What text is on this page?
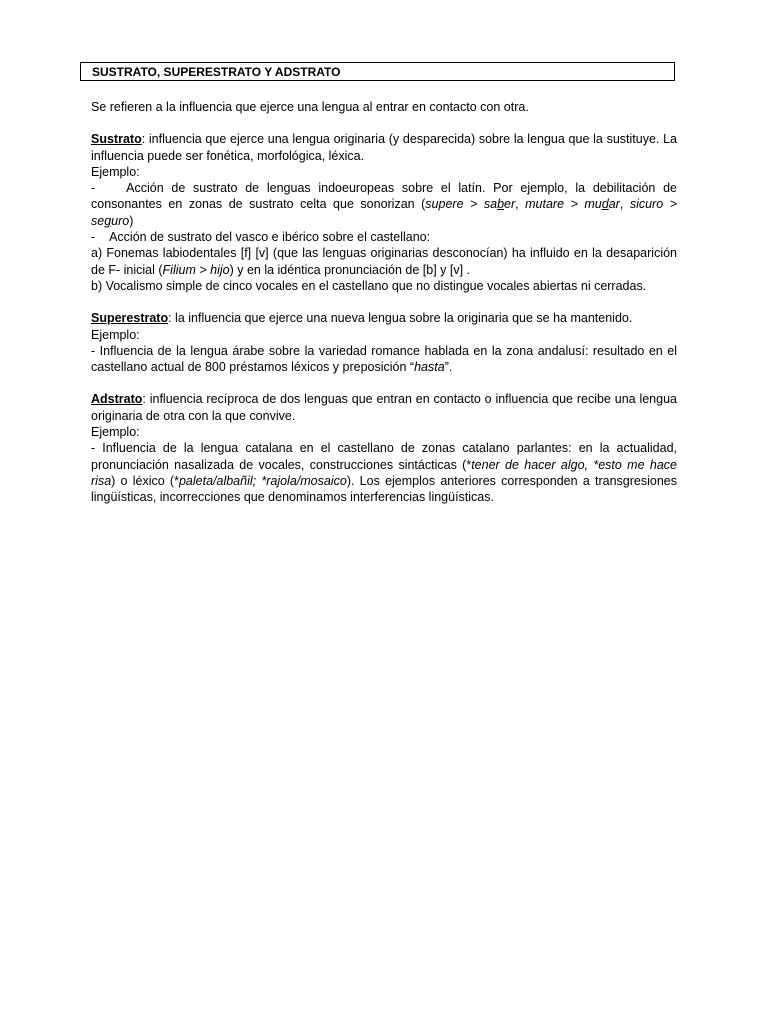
SUSTRATO, SUPERESTRATO Y ADSTRATO

Se refieren a la influencia que ejerce una lengua al entrar en contacto con otra.

Sustrato: influencia que ejerce una lengua originaria (y desparecida) sobre la lengua que la sustituye. La influencia puede ser fonética, morfológica, léxica.

Ejemplo:

- Acción de sustrato de lenguas indoeuropeas sobre el latín. Por ejemplo, la debilitación de consonantes en zonas de sustrato celta que sonorizan (supere > saber, mutare > mudar, sicuro > seguro)

- Acción de sustrato del vasco e ibérico sobre el castellano:

a) Fonemas labiodentales [f] [v] (que las lenguas originarias desconocían) ha influido en la desaparición de F- inicial (Filium > hijo) y en la idéntica pronunciación de [b] y [v] .

b) Vocalismo simple de cinco vocales en el castellano que no distingue vocales abiertas ni cerradas.

Superestrato: la influencia que ejerce una nueva lengua sobre la originaria que se ha mantenido.

Ejemplo:

- Influencia de la lengua árabe sobre la variedad romance hablada en la zona andalusí: resultado en el castellano actual de 800 préstamos léxicos y preposición “hasta”.

Adstrato: influencia recíproca de dos lenguas que entran en contacto o influencia que recibe una lengua originaria de otra con la que convive.

Ejemplo:

- Influencia de la lengua catalana en el castellano de zonas catalano parlantes: en la actualidad, pronunciación nasalizada de vocales, construcciones sintácticas (*tener de hacer algo, *esto me hace risa) o léxico (*paleta/albañil; *rajola/mosaico). Los ejemplos anteriores corresponden a transgresiones lingüísticas, incorrecciones que denominamos interferencias lingüísticas.
